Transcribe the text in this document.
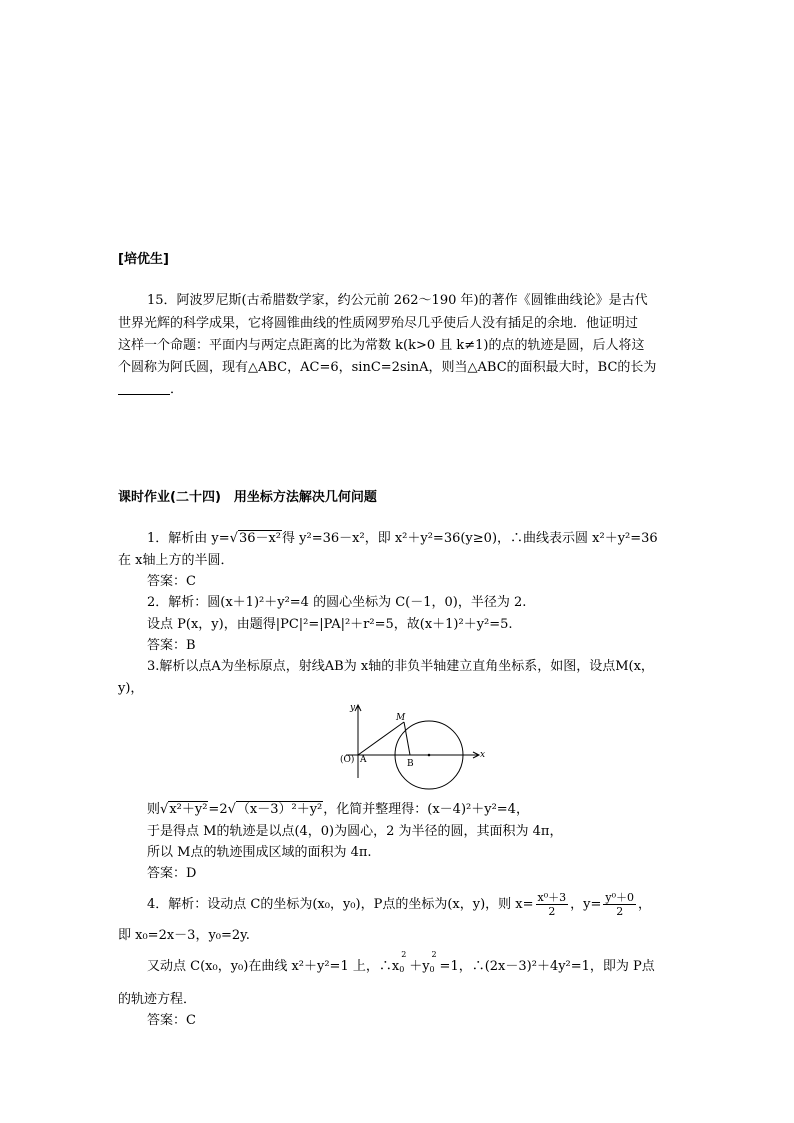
[培优生]
15．阿波罗尼斯(古希腊数学家，约公元前 262～190 年)的著作《圆锥曲线论》是古代
世界光辉的科学成果，它将圆锥曲线的性质网罗殆尽几乎使后人没有插足的余地．他证明过
这样一个命题：平面内与两定点距离的比为常数 k(k>0 且 k≠1)的点的轨迹是圆，后人将这
个圆称为阿氏圆，现有△ABC，AC=6，sinC=2sinA，则当△ABC的面积最大时，BC的长为
．
课时作业(二十四)　用坐标方法解决几何问题
1．解析由 y=√36－x²得 y²=36－x²，即 x²＋y²=36(y≥0)，∴曲线表示圆 x²＋y²=36
在 x轴上方的半圆．
答案：C
2．解析：圆(x＋1)²＋y²=4 的圆心坐标为 C(－1，0)，半径为 2.
设点 P(x，y)，由题得|PC|²=|PA|²＋r²=5，故(x＋1)²＋y²=5.
答案：B
3.解析以点A为坐标原点，射线AB为 x轴的非负半轴建立直角坐标系，如图，设点M(x，
y)，
y
x
M
(O) A	B
则√x²＋y²=2√（x－3）²＋y²，化简并整理得：(x－4)²＋y²=4，
于是得点 M的轨迹是以点(4，0)为圆心，2 为半径的圆，其面积为 4π，
所以 M点的轨迹围成区域的面积为 4π.
答案：D
4．解析：设动点 C的坐标为(x₀，y₀)，P点的坐标为(x，y)，则 $x= \frac{\text{x⁰＋3}}{2}$ ，$y= \frac{\text{y⁰＋0}}{2}$ ，
即 x₀=2x－3，y₀=2y.
又动点 C(x₀，y₀)在曲线 x²＋y²=1 上，∴x
2
$_0$ ＋y
2
$_0$ =1，∴(2x－3)²＋4y²=1，即为 P点
的轨迹方程．
答案：C
